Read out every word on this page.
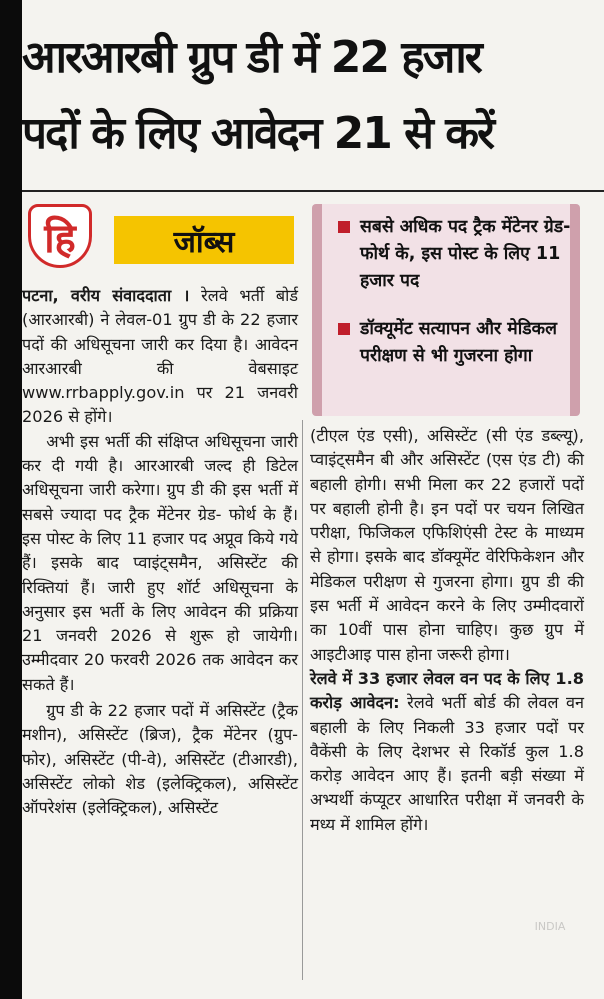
आरआरबी ग्रुप डी में 22 हजार
पदों के लिए आवेदन 21 से करें
हि	जॉब्स	सबसे अधिक पद ट्रैक मेंटेनर ग्रेड-फोर्थ के, इस पोस्ट के लिए 11 हजार पद
डॉक्यूमेंट सत्यापन और मेडिकल परीक्षण से भी गुजरना होगा

पटना, वरीय संवाददाता । रेलवे भर्ती बोर्ड (आरआरबी) ने लेवल-01 ग्रुप डी के 22 हजार पदों की अधिसूचना जारी कर दिया है। आवेदन आरआरबी की वेबसाइट www.rrbapply.gov.in पर 21 जनवरी 2026 से होंगे।

अभी इस भर्ती की संक्षिप्त अधिसूचना जारी कर दी गयी है। आरआरबी जल्द ही डिटेल अधिसूचना जारी करेगा। ग्रुप डी की इस भर्ती में सबसे ज्यादा पद ट्रैक मेंटेनर ग्रेड- फोर्थ के हैं। इस पोस्ट के लिए 11 हजार पद अप्रूव किये गये हैं। इसके बाद प्वाइंट्समैन, असिस्टेंट की रिक्तियां हैं। जारी हुए शॉर्ट अधिसूचना के अनुसार इस भर्ती के लिए आवेदन की प्रक्रिया 21 जनवरी 2026 से शुरू हो जायेगी। उम्मीदवार 20 फरवरी 2026 तक आवेदन कर सकते हैं।

ग्रुप डी के 22 हजार पदों में असिस्टेंट (ट्रैक मशीन), असिस्टेंट (ब्रिज), ट्रैक मेंटेनर (ग्रुप-फोर), असिस्टेंट (पी-वे), असिस्टेंट (टीआरडी), असिस्टेंट लोको शेड (इलेक्ट्रिकल), असिस्टेंट ऑपरेशंस (इलेक्ट्रिकल), असिस्टेंट

(टीएल एंड एसी), असिस्टेंट (सी एंड डब्ल्यू), प्वाइंट्समैन बी और असिस्टेंट (एस एंड टी) की बहाली होगी। सभी मिला कर 22 हजारों पदों पर बहाली होनी है। इन पदों पर चयन लिखित परीक्षा, फिजिकल एफिशिएंसी टेस्ट के माध्यम से होगा। इसके बाद डॉक्यूमेंट वेरिफिकेशन और मेडिकल परीक्षण से गुजरना होगा। ग्रुप डी की इस भर्ती में आवेदन करने के लिए उम्मीदवारों का 10वीं पास होना चाहिए। कुछ ग्रुप में आइटीआइ पास होना जरूरी होगा।

रेलवे में 33 हजार लेवल वन पद के लिए 1.8 करोड़ आवेदन: रेलवे भर्ती बोर्ड की लेवल वन बहाली के लिए निकली 33 हजार पदों पर वैकेंसी के लिए देशभर से रिकॉर्ड कुल 1.8 करोड़ आवेदन आए हैं। इतनी बड़ी संख्या में अभ्यर्थी कंप्यूटर आधारित परीक्षा में जनवरी के मध्य में शामिल होंगे।

INDIA
